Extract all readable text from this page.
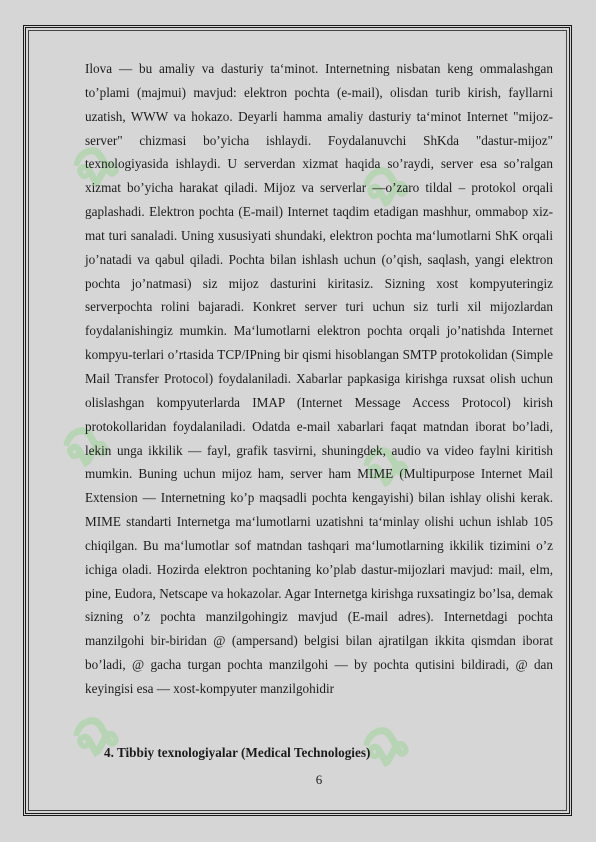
ฉ
ฉ
ฉ
ฉ
ฉ
ฉ

Ilova — bu amaliy va dasturiy ta‘minot. Internetning nisbatan keng ommalashgan to’plami (majmui) mavjud: elektron pochta (e-mail), olisdan turib kirish, fayllarni uzatish, WWW va hokazo. Deyarli hamma amaliy dasturiy ta‘minot Internet "mijoz-server" chizmasi bo’yicha ishlaydi. Foydalanuvchi ShKda "dastur-mijoz" texnologiyasida ishlaydi. U serverdan xizmat haqida so’raydi, server esa so’ralgan xizmat bo’yicha harakat qiladi. Mijoz va serverlar —o’zaro tildal – protokol orqali gaplashadi. Elektron pochta (E-mail) Internet taqdim etadigan mashhur, ommabop xiz-mat turi sanaladi. Uning xususiyati shundaki, elektron pochta ma‘lumotlarni ShK orqali jo’natadi va qabul qiladi. Pochta bilan ishlash uchun (o’qish, saqlash, yangi elektron pochta jo’natmasi) siz mijoz dasturini kiritasiz. Sizning xost kompyuteringiz serverpochta rolini bajaradi. Konkret server turi uchun siz turli xil mijozlardan foydalanishingiz mumkin. Ma‘lumotlarni elektron pochta orqali jo’natishda Internet kompyu-terlari o’rtasida TCP/IPning bir qismi hisoblangan SMTP protokolidan (Simple Mail Transfer Protocol) foydalaniladi. Xabarlar papkasiga kirishga ruxsat olish uchun olislashgan kompyuterlarda IMAP (Internet Message Access Protocol) kirish protokollaridan foydalaniladi. Odatda e-mail xabarlari faqat matndan iborat bo’ladi, lekin unga ikkilik — fayl, grafik tasvirni, shuningdek, audio va video faylni kiritish mumkin. Buning uchun mijoz ham, server ham MIME (Multipurpose Internet Mail Extension — Internetning ko’p maqsadli pochta kengayishi) bilan ishlay olishi kerak. MIME standarti Internetga ma‘lumotlarni uzatishni ta‘minlay olishi uchun ishlab 105 chiqilgan. Bu ma‘lumotlar sof matndan tashqari ma‘lumotlarning ikkilik tizimini o’z ichiga oladi. Hozirda elektron pochtaning ko’plab dastur-mijozlari mavjud: mail, elm, pine, Eudora, Netscape va hokazolar. Agar Internetga kirishga ruxsatingiz bo’lsa, demak sizning o’z pochta manzilgohingiz mavjud (E-mail adres). Internetdagi pochta manzilgohi bir-biridan @ (ampersand) belgisi bilan ajratilgan ikkita qismdan iborat bo’ladi, @ gacha turgan pochta manzilgohi — by pochta qutisini bildiradi, @ dan keyingisi esa — xost-kompyuter manzilgohidir

4. Tibbiy texnologiyalar (Medical Technologies)

6
